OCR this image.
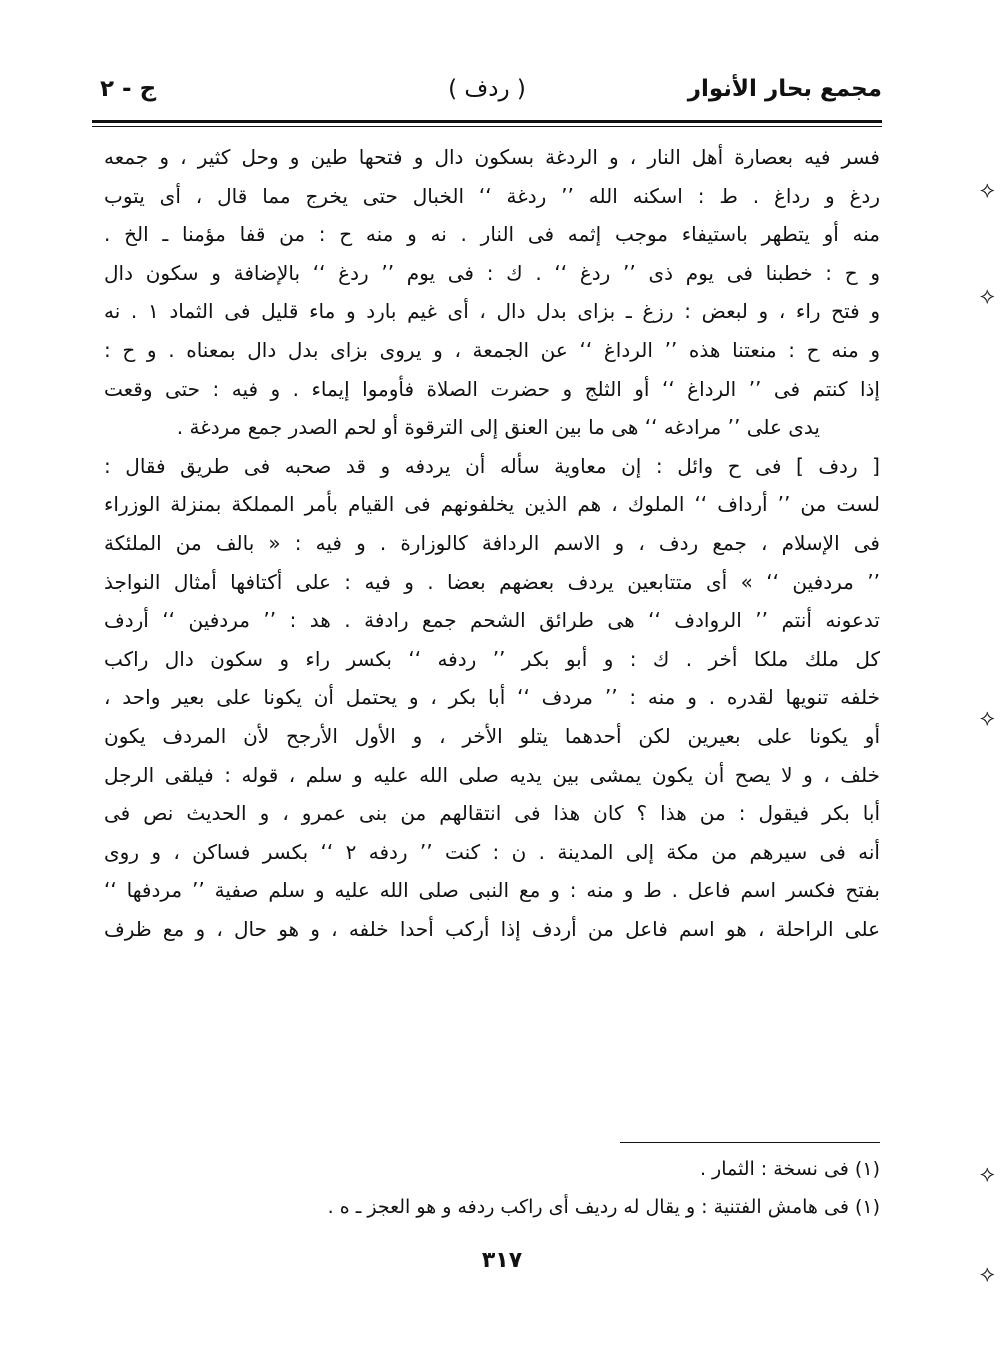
مجمع بحار الأنوار
( ردف )
ج - ٢
فسر فيه بعصارة أهل النار ، و الردغة بسكون دال و فتحها طين و وحل كثير ، و جمعه
ردغ و رداغ . ط : اسكنه الله ’’ ردغة ‘‘ الخبال حتى يخرج مما قال ، أى يتوب
منه أو يتطهر باستيفاء موجب إثمه فى النار . نه و منه ح : من قفا مؤمنا ـ الخ .
و ح : خطبنا فى يوم ذى ’’ ردغ ‘‘ . ك : فى يوم ’’ ردغ ‘‘ بالإضافة و سكون دال
و فتح راء ، و لبعض : رزغ ـ بزاى بدل دال ، أى غيم بارد و ماء قليل فى الثماد ١ . نه
و منه ح : منعتنا هذه ’’ الرداغ ‘‘ عن الجمعة ، و يروى بزاى بدل دال بمعناه . و ح :
إذا كنتم فى ’’ الرداغ ‘‘ أو الثلج و حضرت الصلاة فأوموا إيماء . و فيه : حتى وقعت
يدى على ’’ مرادغه ‘‘ هى ما بين العنق إلى الترقوة أو لحم الصدر جمع مردغة .
[ ردف ] فى ح وائل : إن معاوية سأله أن يردفه و قد صحبه فى طريق فقال :
لست من ’’ أرداف ‘‘ الملوك ، هم الذين يخلفونهم فى القيام بأمر المملكة بمنزلة الوزراء
فى الإسلام ، جمع ردف ، و الاسم الردافة كالوزارة . و فيه : « بالف من الملئكة
’’ مردفين ‘‘ » أى متتابعين يردف بعضهم بعضا . و فيه : على أكتافها أمثال النواجذ
تدعونه أنتم ’’ الروادف ‘‘ هى طرائق الشحم جمع رادفة . هد : ’’ مردفين ‘‘ أردف
كل ملك ملكا أخر . ك : و أبو بكر ’’ ردفه ‘‘ بكسر راء و سكون دال راكب
خلفه تنويها لقدره . و منه : ’’ مردف ‘‘ أبا بكر ، و يحتمل أن يكونا على بعير واحد ،
أو يكونا على بعيرين لكن أحدهما يتلو الأخر ، و الأول الأرجح لأن المردف يكون
خلف ، و لا يصح أن يكون يمشى بين يديه صلى الله عليه و سلم ، قوله : فيلقى الرجل
أبا بكر فيقول : من هذا ؟ كان هذا فى انتقالهم من بنى عمرو ، و الحديث نص فى
أنه فى سيرهم من مكة إلى المدينة . ن : كنت ’’ ردفه ٢ ‘‘ بكسر فساكن ، و روى
بفتح فكسر اسم فاعل . ط و منه : و مع النبى صلى الله عليه و سلم صفية ’’ مردفها ‘‘
على الراحلة ، هو اسم فاعل من أردف إذا أركب أحدا خلفه ، و هو حال ، و مع ظرف
(١) فى نسخة : الثمار .
(١) فى هامش الفتنية : و يقال له رديف أى راكب ردفه و هو العجز ـ ه .
٣١٧
⟡
⟡
⟡
⟡
⟡
